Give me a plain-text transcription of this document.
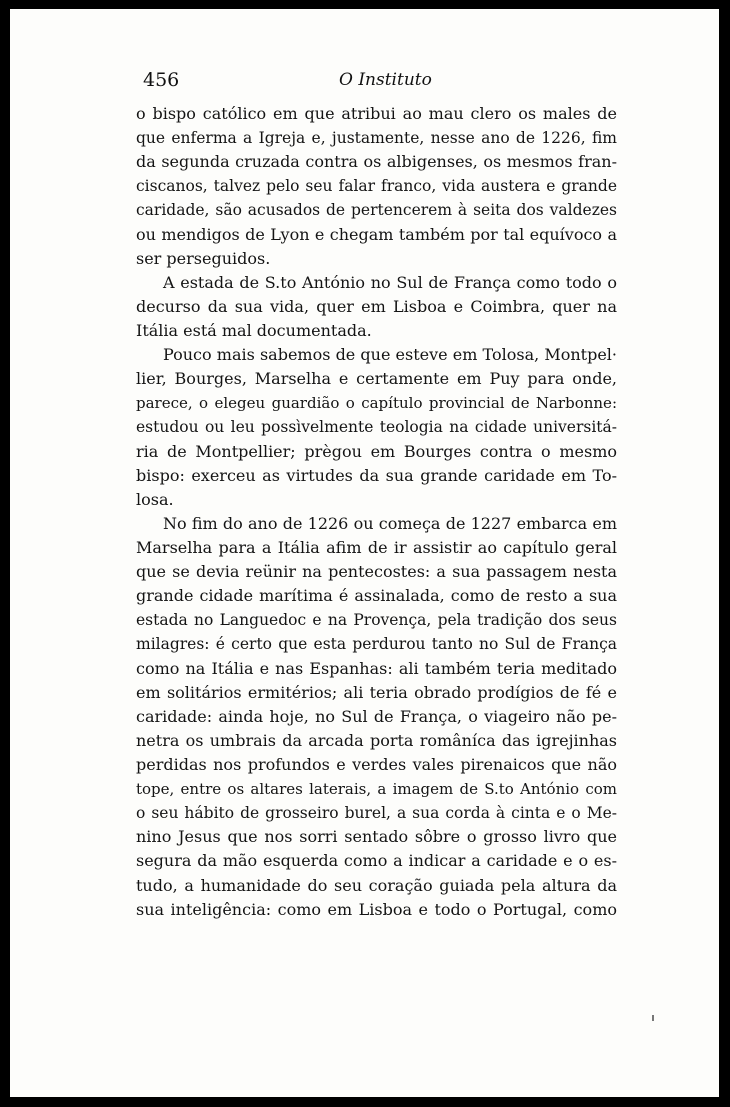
456	O Instituto
o bispo católico em que atribui ao mau clero os males de
que enferma a Igreja e, justamente, nesse ano de 1226, fim
da segunda cruzada contra os albigenses, os mesmos fran-
ciscanos, talvez pelo seu falar franco, vida austera e grande
caridade, são acusados de pertencerem à seita dos valdezes
ou mendigos de Lyon e chegam também por tal equívoco a
ser perseguidos.
A estada de S.to António no Sul de França como todo o
decurso da sua vida, quer em Lisboa e Coimbra, quer na
Itália está mal documentada.
Pouco mais sabemos de que esteve em Tolosa, Montpel·
lier, Bourges, Marselha e certamente em Puy para onde,
parece, o elegeu guardião o capítulo provincial de Narbonne:
estudou ou leu possìvelmente teologia na cidade universitá-
ria de Montpellier; prègou em Bourges contra o mesmo
bispo: exerceu as virtudes da sua grande caridade em To-
losa.
No fim do ano de 1226 ou começa de 1227 embarca em
Marselha para a Itália afim de ir assistir ao capítulo geral
que se devia reünir na pentecostes: a sua passagem nesta
grande cidade marítima é assinalada, como de resto a sua
estada no Languedoc e na Provença, pela tradição dos seus
milagres: é certo que esta perdurou tanto no Sul de França
como na Itália e nas Espanhas: ali também teria meditado
em solitários ermitérios; ali teria obrado prodígios de fé e
caridade: ainda hoje, no Sul de França, o viageiro não pe-
netra os umbrais da arcada porta româníca das igrejinhas
perdidas nos profundos e verdes vales pirenaicos que não
tope, entre os altares laterais, a imagem de S.to António com
o seu hábito de grosseiro burel, a sua corda à cinta e o Me-
nino Jesus que nos sorri sentado sôbre o grosso livro que
segura da mão esquerda como a indicar a caridade e o es-
tudo, a humanidade do seu coração guiada pela altura da
sua inteligência: como em Lisboa e todo o Portugal, como
